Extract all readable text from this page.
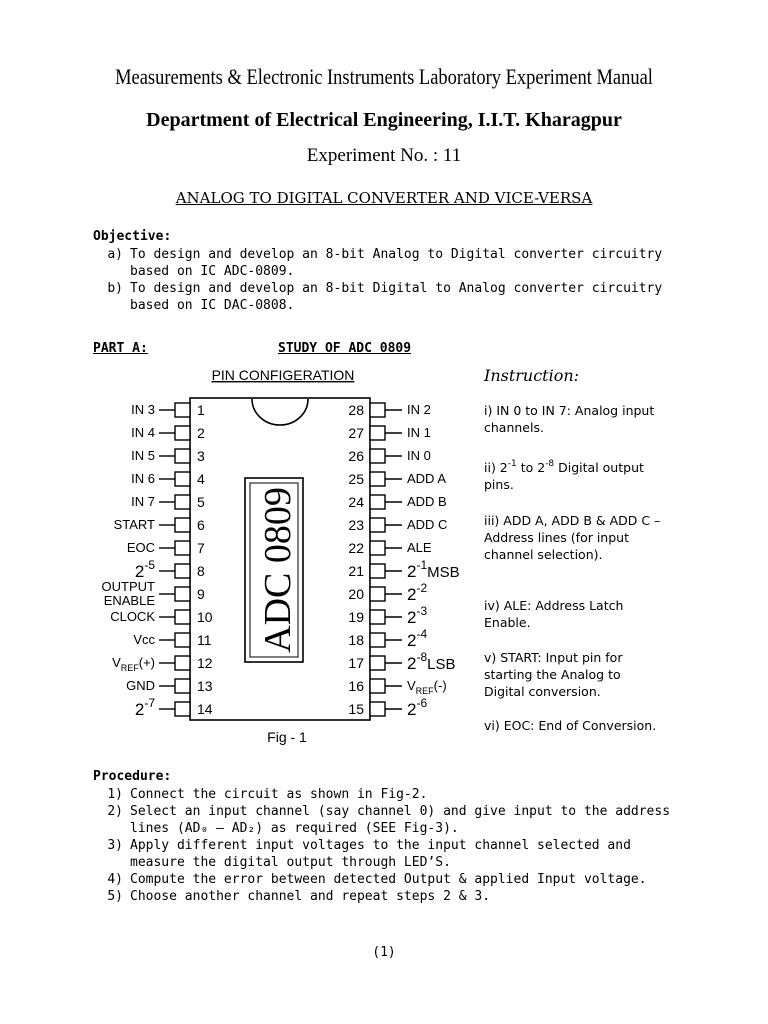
Measurements & Electronic Instruments Laboratory Experiment Manual
Department of Electrical Engineering, I.I.T. Kharagpur
Experiment No. : 11
ANALOG TO DIGITAL CONVERTER AND VICE-VERSA
Objective:
a) To design and develop an 8-bit Analog to Digital converter circuitry based on IC ADC-0809.
b) To design and develop an 8-bit Digital to Analog converter circuitry based on IC DAC-0808.
PART A:	STUDY OF ADC 0809
PIN CONFIGERATION
ADC 0809
Fig - 1
1
IN 3
2
IN 4
3
IN 5
4
IN 6
5
IN 7
6
START
7
EOC
8
$2^{-5}$
9
OUTPUT
ENABLE
10
CLOCK
11
Vcc
12
$V_{REF}(+)$
13
GND
14
$2^{-7}$
28	IN 2
27	IN 1
26	IN 0
25	ADD A
24	ADD B
23	ADD C
22	ALE
21	$2^{-1}MSB$
20	$2^{-2}$
19	$2^{-3}$
18	$2^{-4}$
17	$2^{-8}LSB$
16	$V_{REF}(-)$
15	$2^{-6}$
Instruction:
i) IN 0 to IN 7: Analog input channels.
ii) $2^{-1}$ to $2^{-8}$ Digital output pins.
iii) ADD A, ADD B & ADD C – Address lines (for input channel selection).
iv) ALE: Address Latch Enable.
v) START: Input pin for starting the Analog to Digital conversion.
vi) EOC: End of Conversion.
Procedure:
1) Connect the circuit as shown in Fig-2.
2) Select an input channel (say channel 0) and give input to the address lines (AD₀ – AD₂) as required (SEE Fig-3).
3) Apply different input voltages to the input channel selected and measure the digital output through LED’S.
4) Compute the error between detected Output & applied Input voltage.
5) Choose another channel and repeat steps 2 & 3.
(1)
